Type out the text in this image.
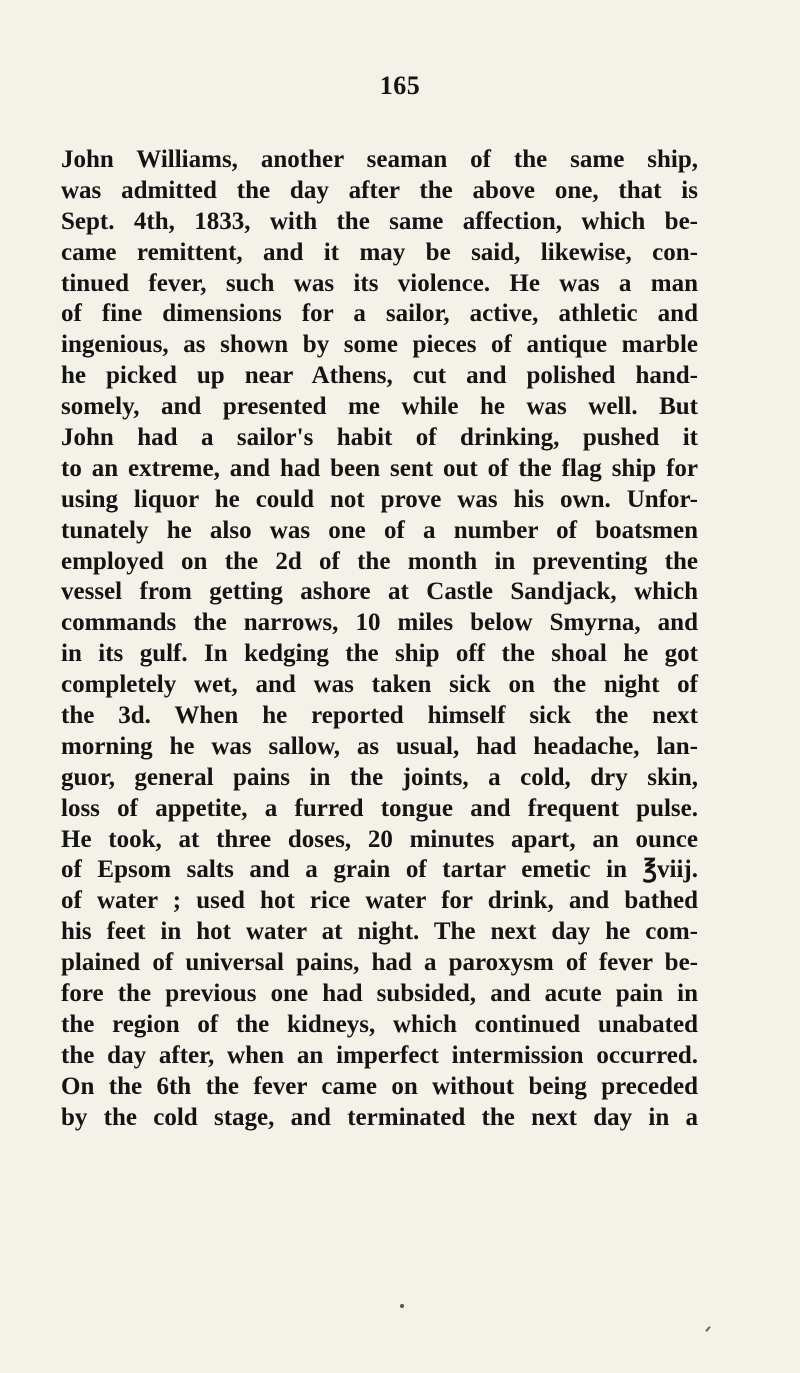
165
John Williams, another seaman of the same ship,
was admitted the day after the above one, that is
Sept. 4th, 1833, with the same affection, which be-
came remittent, and it may be said, likewise, con-
tinued fever, such was its violence. He was a man
of fine dimensions for a sailor, active, athletic and
ingenious, as shown by some pieces of antique marble
he picked up near Athens, cut and polished hand-
somely, and presented me while he was well. But
John had a sailor's habit of drinking, pushed it
to an extreme, and had been sent out of the flag ship for
using liquor he could not prove was his own. Unfor-
tunately he also was one of a number of boatsmen
employed on the 2d of the month in preventing the
vessel from getting ashore at Castle Sandjack, which
commands the narrows, 10 miles below Smyrna, and
in its gulf. In kedging the ship off the shoal he got
completely wet, and was taken sick on the night of
the 3d. When he reported himself sick the next
morning he was sallow, as usual, had headache, lan-
guor, general pains in the joints, a cold, dry skin,
loss of appetite, a furred tongue and frequent pulse.
He took, at three doses, 20 minutes apart, an ounce
of Epsom salts and a grain of tartar emetic in ℥viij.
of water ; used hot rice water for drink, and bathed
his feet in hot water at night. The next day he com-
plained of universal pains, had a paroxysm of fever be-
fore the previous one had subsided, and acute pain in
the region of the kidneys, which continued unabated
the day after, when an imperfect intermission occurred.
On the 6th the fever came on without being preceded
by the cold stage, and terminated the next day in a
